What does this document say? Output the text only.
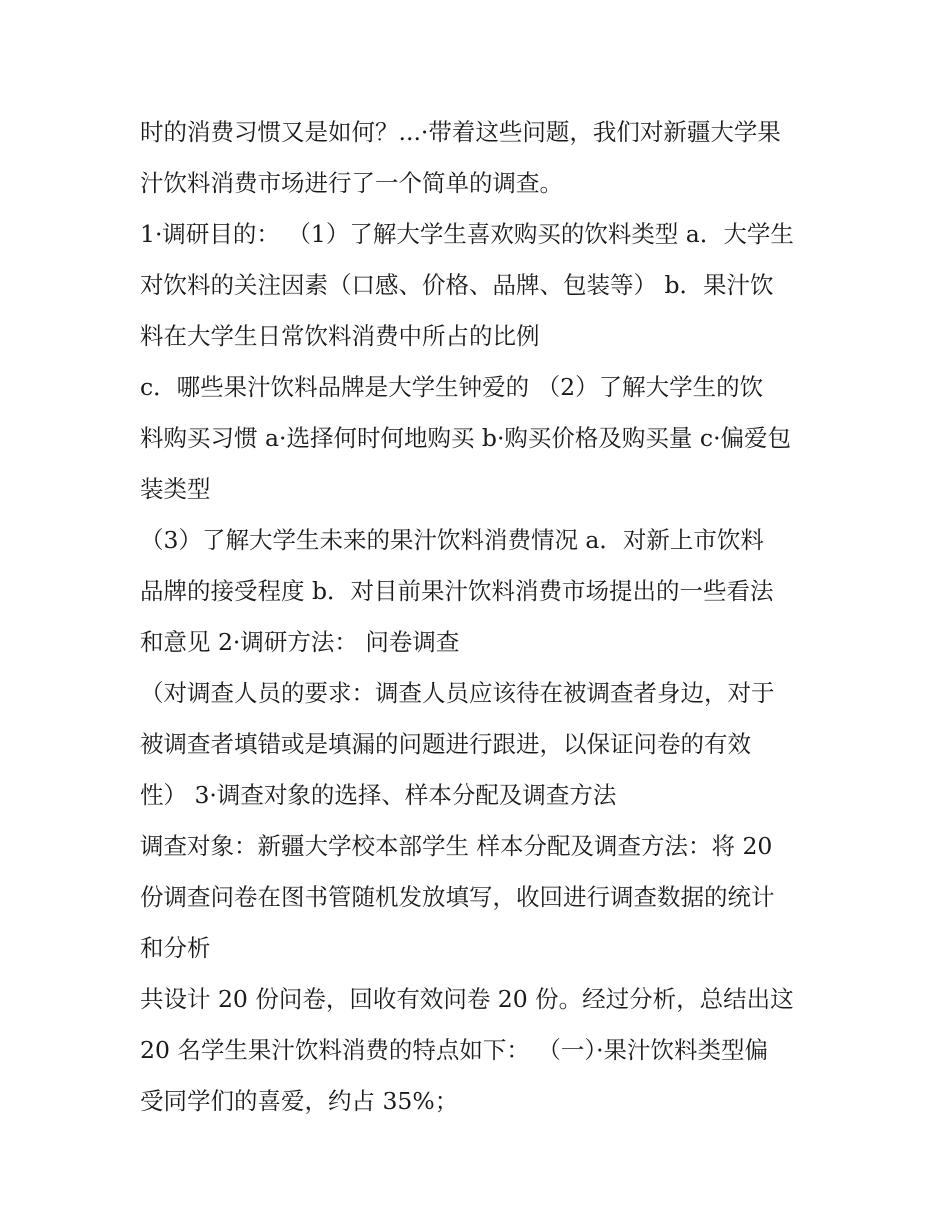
时的消费习惯又是如何？...·带着这些问题，我们对新疆大学果
汁饮料消费市场进行了一个简单的调查。
1·调研目的： （1）了解大学生喜欢购买的饮料类型 a．大学生
对饮料的关注因素（口感、价格、品牌、包装等） b．果汁饮
料在大学生日常饮料消费中所占的比例
c．哪些果汁饮料品牌是大学生钟爱的 （2）了解大学生的饮
料购买习惯 a·选择何时何地购买 b·购买价格及购买量 c·偏爱包
装类型
（3）了解大学生未来的果汁饮料消费情况 a．对新上市饮料
品牌的接受程度 b．对目前果汁饮料消费市场提出的一些看法
和意见 2·调研方法： 问卷调查
（对调查人员的要求：调查人员应该待在被调查者身边，对于
被调查者填错或是填漏的问题进行跟进，以保证问卷的有效
性） 3·调查对象的选择、样本分配及调查方法
调查对象：新疆大学校本部学生 样本分配及调查方法：将 20
份调查问卷在图书管随机发放填写，收回进行调查数据的统计
和分析
共设计 20 份问卷，回收有效问卷 20 份。经过分析，总结出这
20 名学生果汁饮料消费的特点如下： （一）·果汁饮料类型偏
受同学们的喜爱，约占 35%；
